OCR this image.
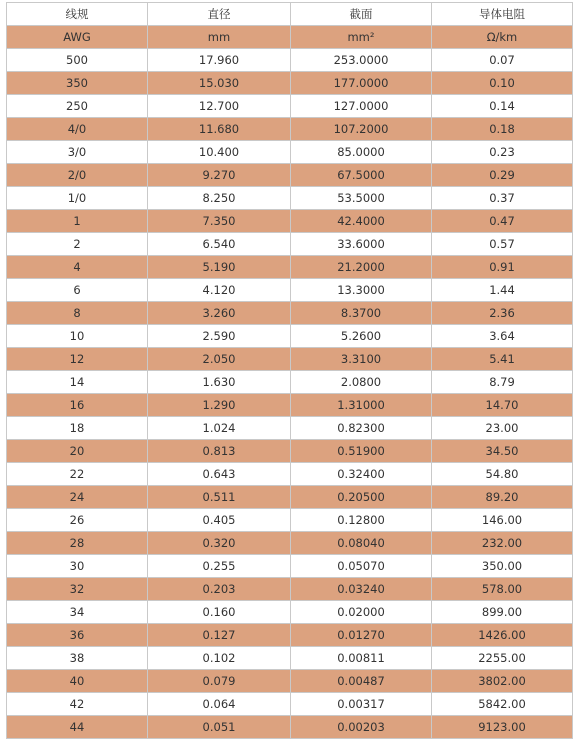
线规	直径	截面	导体电阻
AWG	mm	mm²	Ω/km
500	17.960	253.0000	0.07
350	15.030	177.0000	0.10
250	12.700	127.0000	0.14
4/0	11.680	107.2000	0.18
3/0	10.400	85.0000	0.23
2/0	9.270	67.5000	0.29
1/0	8.250	53.5000	0.37
1	7.350	42.4000	0.47
2	6.540	33.6000	0.57
4	5.190	21.2000	0.91
6	4.120	13.3000	1.44
8	3.260	8.3700	2.36
10	2.590	5.2600	3.64
12	2.050	3.3100	5.41
14	1.630	2.0800	8.79
16	1.290	1.31000	14.70
18	1.024	0.82300	23.00
20	0.813	0.51900	34.50
22	0.643	0.32400	54.80
24	0.511	0.20500	89.20
26	0.405	0.12800	146.00
28	0.320	0.08040	232.00
30	0.255	0.05070	350.00
32	0.203	0.03240	578.00
34	0.160	0.02000	899.00
36	0.127	0.01270	1426.00
38	0.102	0.00811	2255.00
40	0.079	0.00487	3802.00
42	0.064	0.00317	5842.00
44	0.051	0.00203	9123.00
